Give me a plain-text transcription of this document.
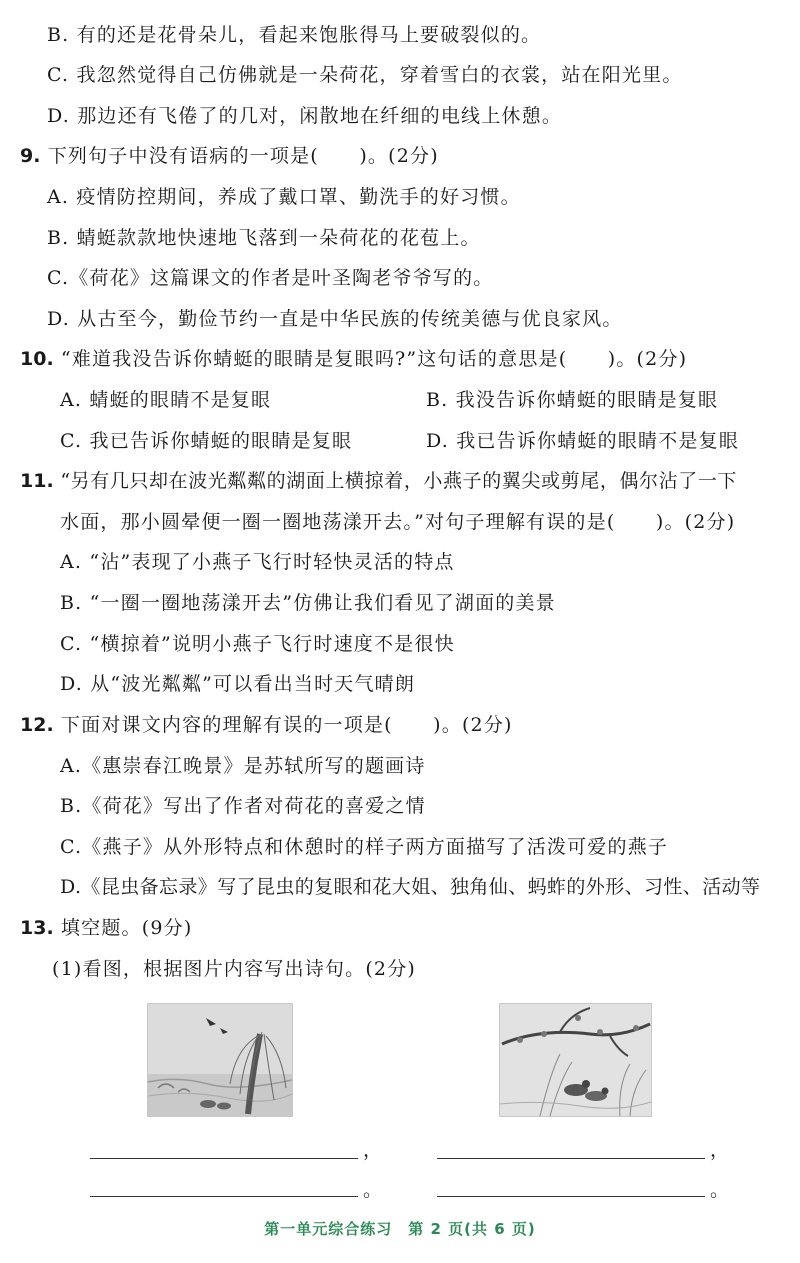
B. 有的还是花骨朵儿，看起来饱胀得马上要破裂似的。
C. 我忽然觉得自己仿佛就是一朵荷花，穿着雪白的衣裳，站在阳光里。
D. 那边还有飞倦了的几对，闲散地在纤细的电线上休憩。
9. 下列句子中没有语病的一项是(　　)。(2分)
A. 疫情防控期间，养成了戴口罩、勤洗手的好习惯。
B. 蜻蜓款款地快速地飞落到一朵荷花的花苞上。
C.《荷花》这篇课文的作者是叶圣陶老爷爷写的。
D. 从古至今，勤俭节约一直是中华民族的传统美德与优良家风。
10. “难道我没告诉你蜻蜓的眼睛是复眼吗?”这句话的意思是(　　)。(2分)
A. 蜻蜓的眼睛不是复眼	B. 我没告诉你蜻蜓的眼睛是复眼
C. 我已告诉你蜻蜓的眼睛是复眼	D. 我已告诉你蜻蜓的眼睛不是复眼
11. “另有几只却在波光粼粼的湖面上横掠着，小燕子的翼尖或剪尾，偶尔沾了一下
水面，那小圆晕便一圈一圈地荡漾开去。”对句子理解有误的是(　　)。(2分)
A. “沾”表现了小燕子飞行时轻快灵活的特点
B. “一圈一圈地荡漾开去”仿佛让我们看见了湖面的美景
C. “横掠着”说明小燕子飞行时速度不是很快
D. 从“波光粼粼”可以看出当时天气晴朗
12. 下面对课文内容的理解有误的一项是(　　)。(2分)
A.《惠崇春江晚景》是苏轼所写的题画诗
B.《荷花》写出了作者对荷花的喜爱之情
C.《燕子》从外形特点和休憩时的样子两方面描写了活泼可爱的燕子
D.《昆虫备忘录》写了昆虫的复眼和花大姐、独角仙、蚂蚱的外形、习性、活动等
13. 填空题。(9分)
(1)看图，根据图片内容写出诗句。(2分)
，
。
，
。
第一单元综合练习　第 2 页(共 6 页)
